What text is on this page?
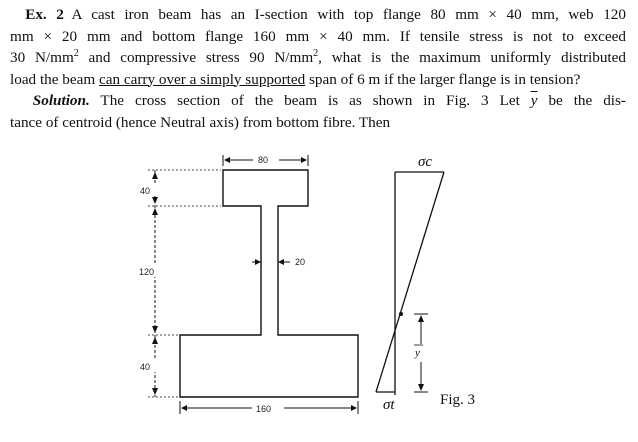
 Ex. 2  A cast iron beam has an I-section with top flange 80 mm × 40 mm, web 120
mm × 20 mm and bottom flange 160 mm × 40 mm. If tensile stress is not to exceed
30 $N/mm^2$ and compressive stress 90 $N/mm^2$, what is the maximum uniformly distributed
load the beam can carry over a simply supported span of 6 m if the larger flange is in tension?
  Solution. The cross section of the beam is as shown in Fig. 3 Let $\overline{y}$ be the dis-
tance of centroid (hence Neutral axis) from bottom fibre. Then
80
40
120
40
20
160
σc
σt
y
Fig. 3
